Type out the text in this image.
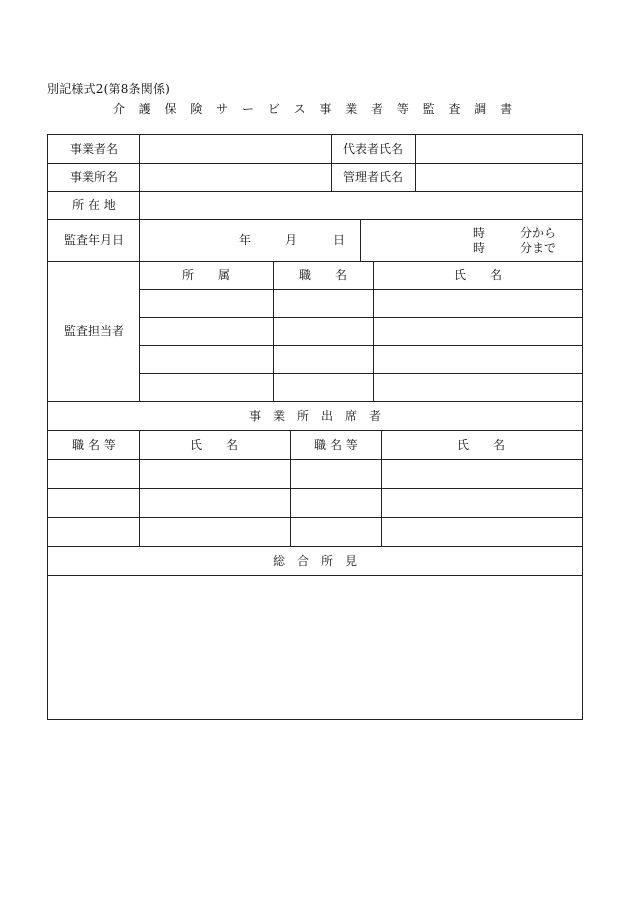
別記様式2(第8条関係)
介 護 保 険 サ ー ビ ス 事 業 者 等 監 査 調 書
事業者名	代表者氏名
事業所名	管理者氏名
所 在 地
監査年月日	年	月	日	時	分から
時	分まで
監査担当者
所　　属	職　　名	氏　　名
事　業　所　出　席　者
職 名 等	氏　　名	職 名 等	氏　　名
総　合　所　見
